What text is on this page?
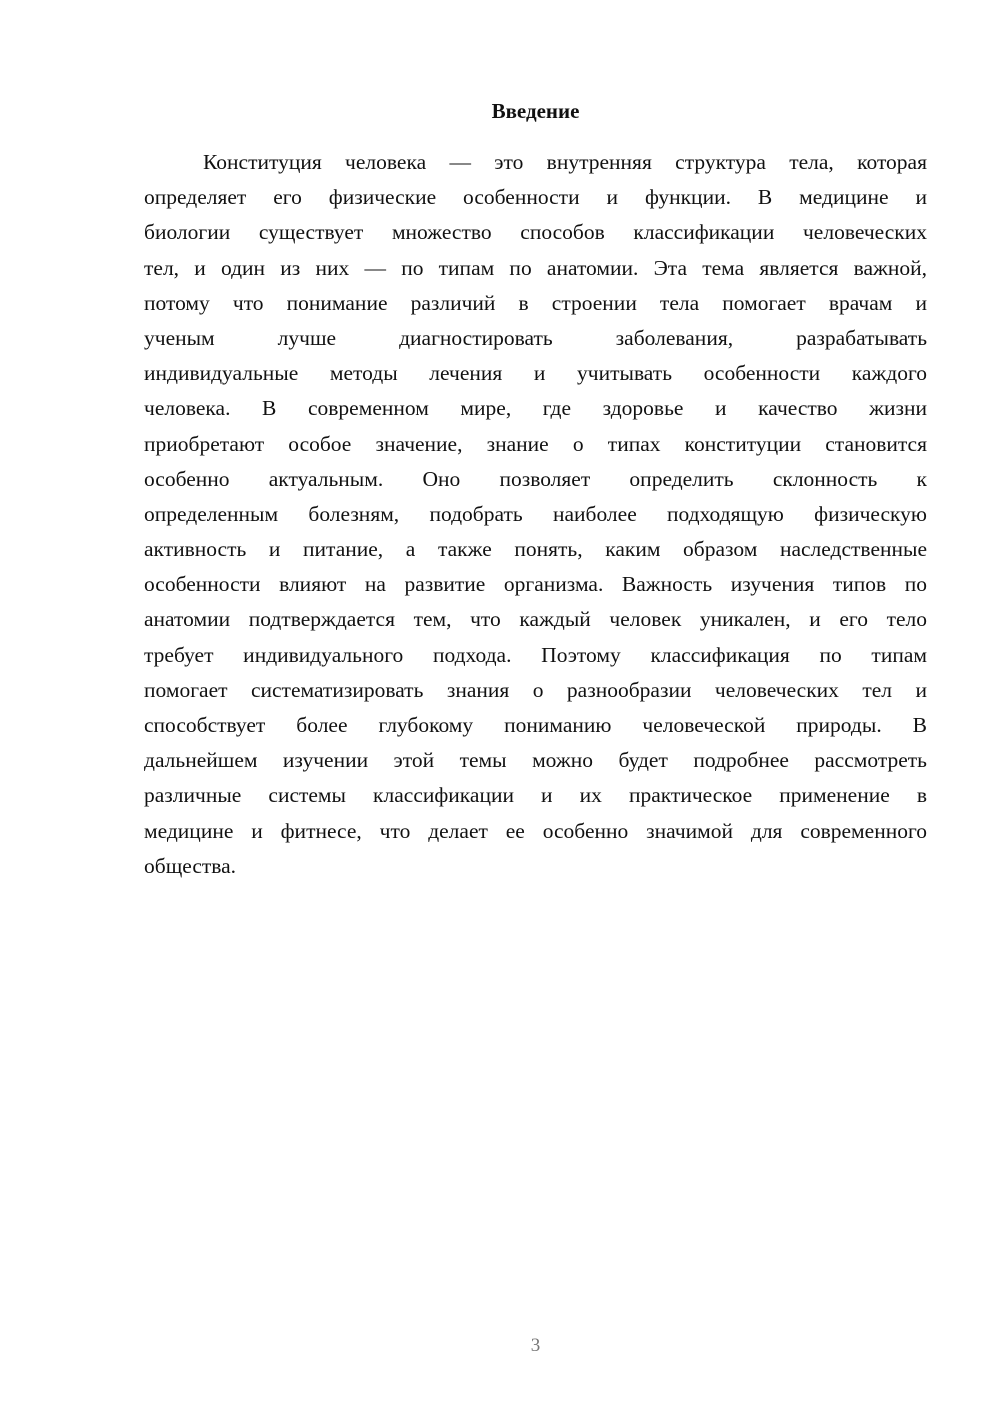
Введение
Конституция человека — это внутренняя структура тела, которая
определяет его физические особенности и функции. В медицине и
биологии существует множество способов классификации человеческих
тел, и один из них — по типам по анатомии. Эта тема является важной,
потому что понимание различий в строении тела помогает врачам и
ученым лучше диагностировать заболевания, разрабатывать
индивидуальные методы лечения и учитывать особенности каждого
человека. В современном мире, где здоровье и качество жизни
приобретают особое значение, знание о типах конституции становится
особенно актуальным. Оно позволяет определить склонность к
определенным болезням, подобрать наиболее подходящую физическую
активность и питание, а также понять, каким образом наследственные
особенности влияют на развитие организма. Важность изучения типов по
анатомии подтверждается тем, что каждый человек уникален, и его тело
требует индивидуального подхода. Поэтому классификация по типам
помогает систематизировать знания о разнообразии человеческих тел и
способствует более глубокому пониманию человеческой природы. В
дальнейшем изучении этой темы можно будет подробнее рассмотреть
различные системы классификации и их практическое применение в
медицине и фитнесе, что делает ее особенно значимой для современного
общества.
3
